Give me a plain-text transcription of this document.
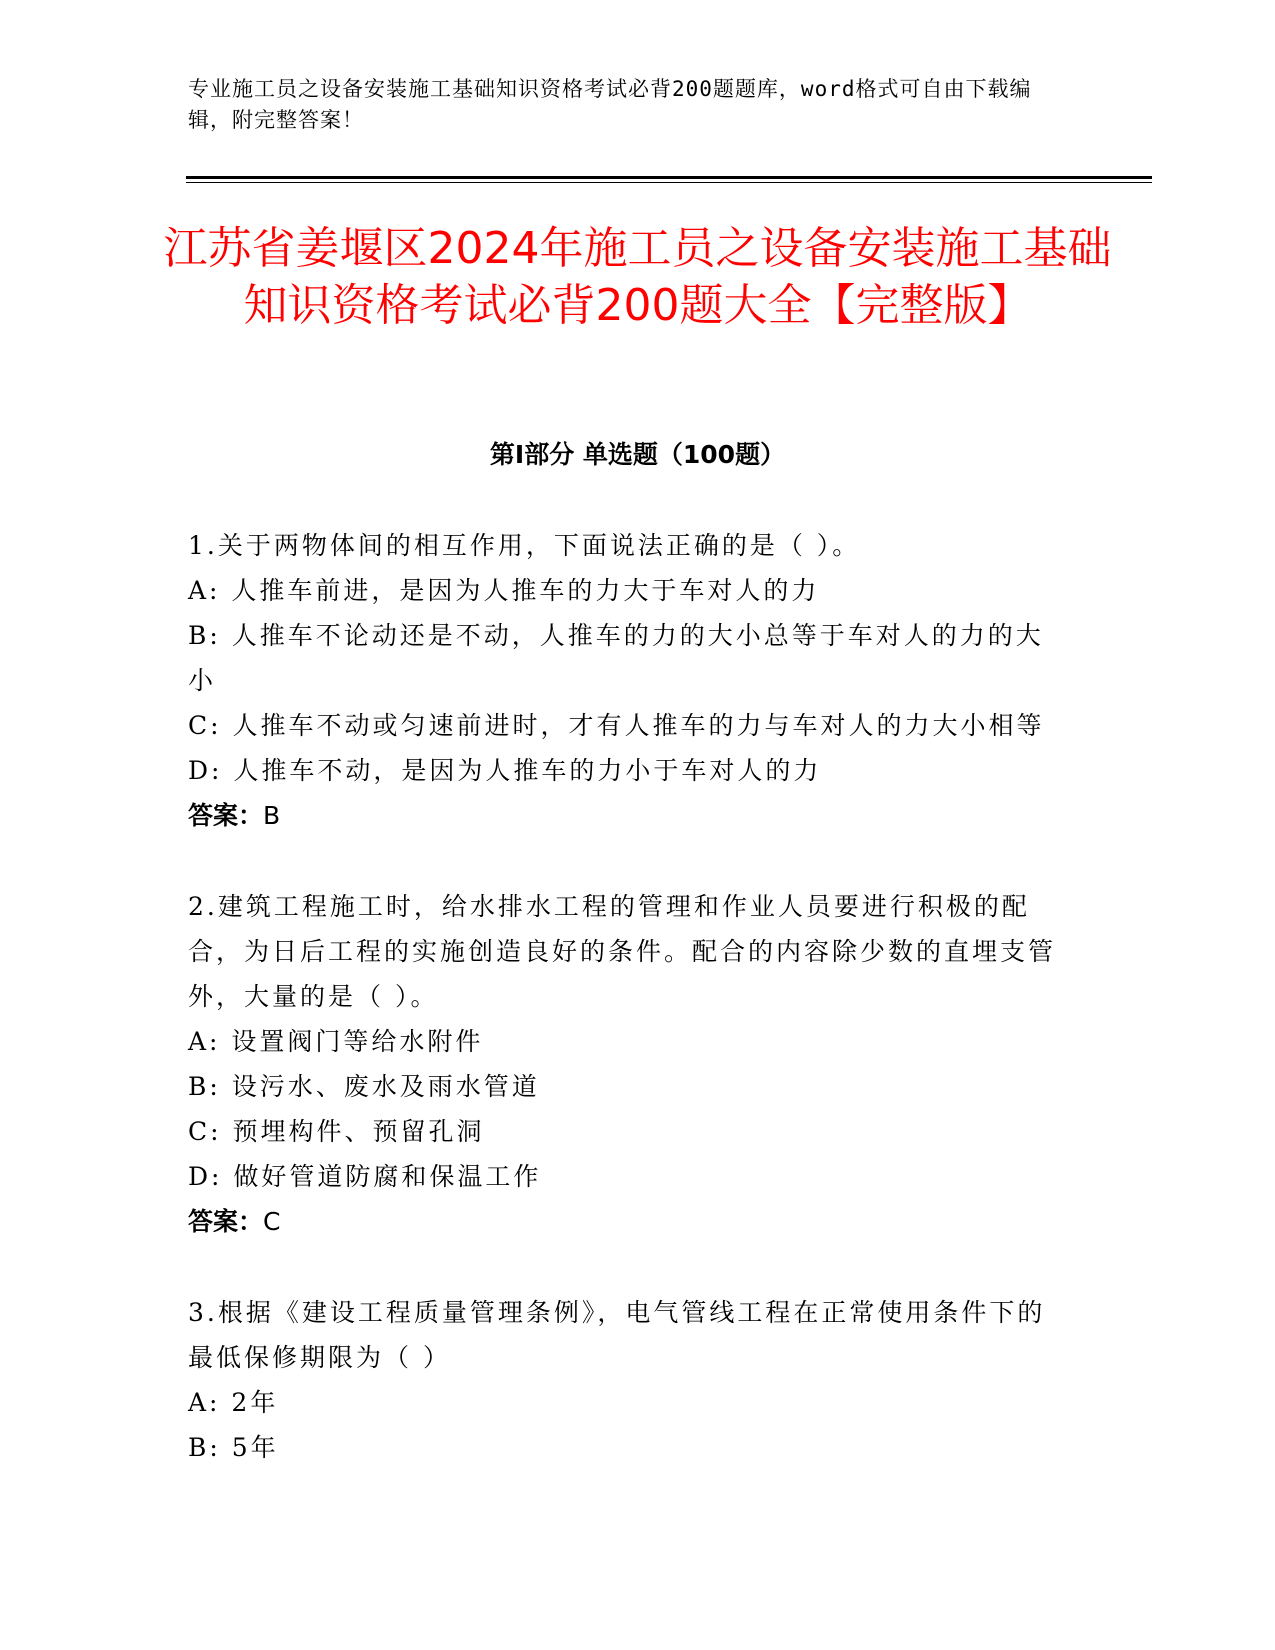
专业施工员之设备安装施工基础知识资格考试必背200题题库，word格式可自由下载编辑，附完整答案！
江苏省姜堰区2024年施工员之设备安装施工基础知识资格考试必背200题大全【完整版】
第I部分 单选题（100题）

1.关于两物体间的相互作用，下面说法正确的是（ ）。

A: 人推车前进，是因为人推车的力大于车对人的力

B: 人推车不论动还是不动，人推车的力的大小总等于车对人的力的大小

C: 人推车不动或匀速前进时，才有人推车的力与车对人的力大小相等

D: 人推车不动，是因为人推车的力小于车对人的力

答案：B

2.建筑工程施工时，给水排水工程的管理和作业人员要进行积极的配合，为日后工程的实施创造良好的条件。配合的内容除少数的直埋支管外，大量的是（ ）。

A: 设置阀门等给水附件

B: 设污水、废水及雨水管道

C: 预埋构件、预留孔洞

D: 做好管道防腐和保温工作

答案：C

3.根据《建设工程质量管理条例》，电气管线工程在正常使用条件下的最低保修期限为（ ）

A: 2年

B: 5年
